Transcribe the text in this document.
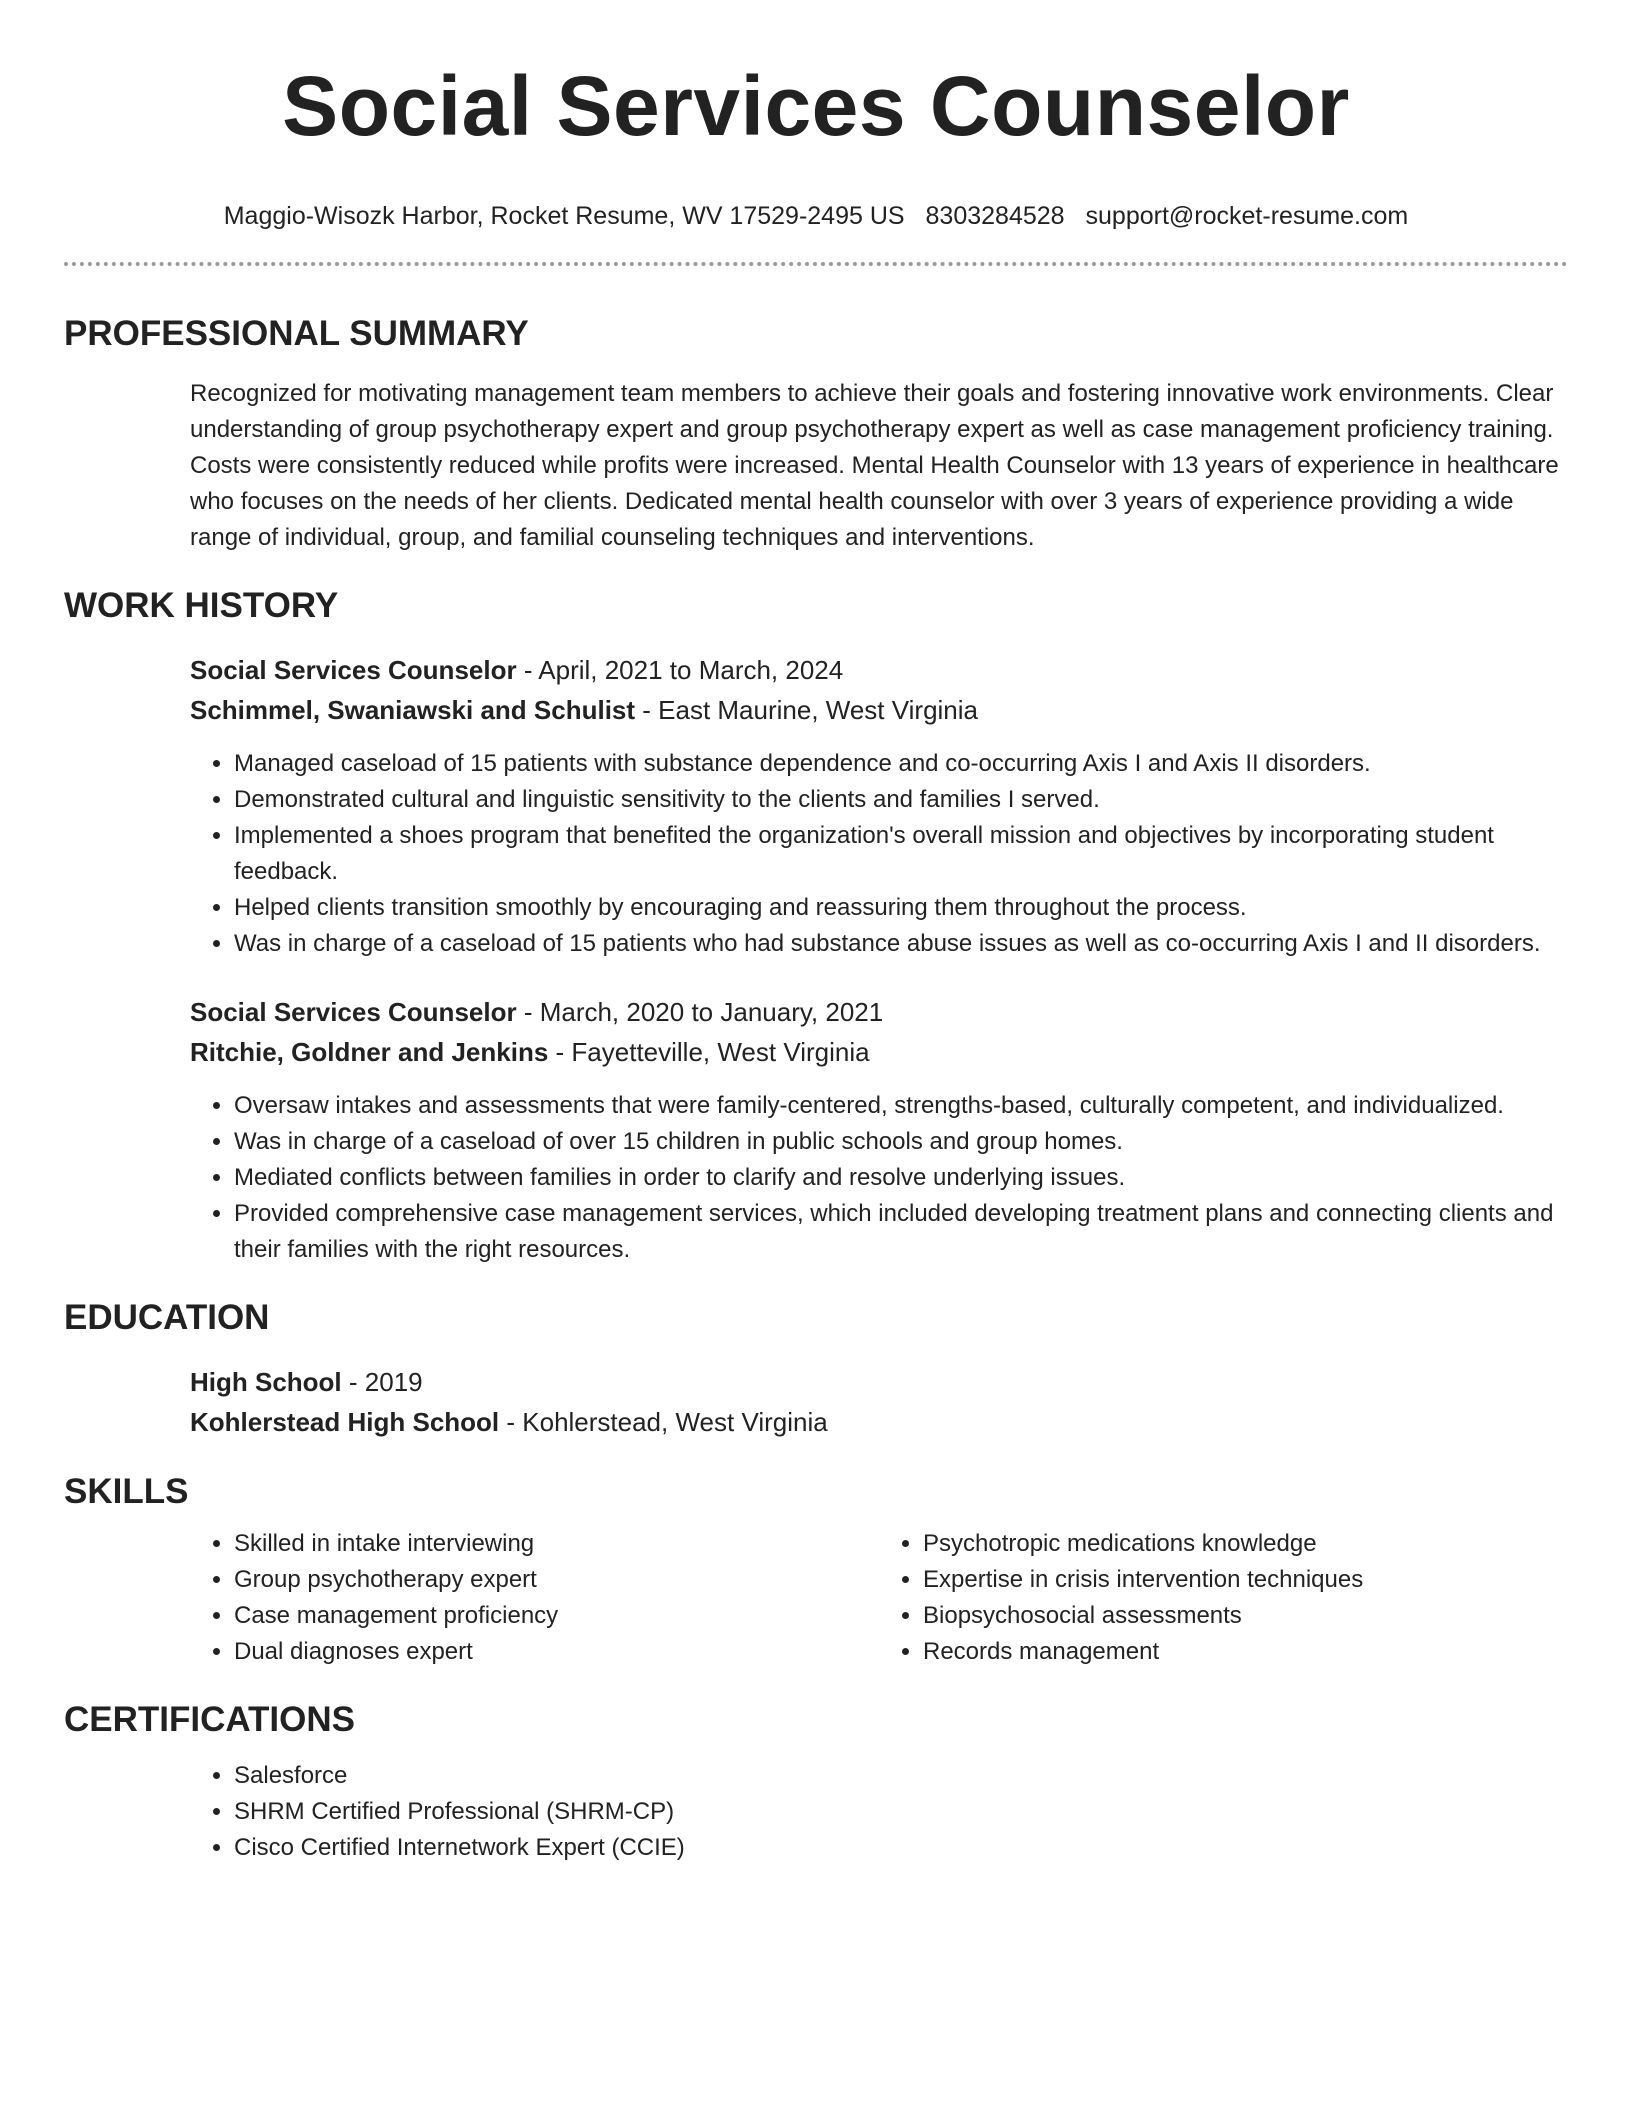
Social Services Counselor
Maggio-Wisozk Harbor, Rocket Resume, WV 17529-2495 US 8303284528 support@rocket-resume.com
PROFESSIONAL SUMMARY

Recognized for motivating management team members to achieve their goals and fostering innovative work environments. Clear understanding of group psychotherapy expert and group psychotherapy expert as well as case management proficiency training. Costs were consistently reduced while profits were increased. Mental Health Counselor with 13 years of experience in healthcare who focuses on the needs of her clients. Dedicated mental health counselor with over 3 years of experience providing a wide range of individual, group, and familial counseling techniques and interventions.

WORK HISTORY
Social Services Counselor - April, 2021 to March, 2024
Schimmel, Swaniawski and Schulist - East Maurine, West Virginia
• Managed caseload of 15 patients with substance dependence and co-occurring Axis I and Axis II disorders.
• Demonstrated cultural and linguistic sensitivity to the clients and families I served.
• Implemented a shoes program that benefited the organization's overall mission and objectives by incorporating student feedback.
• Helped clients transition smoothly by encouraging and reassuring them throughout the process.
• Was in charge of a caseload of 15 patients who had substance abuse issues as well as co-occurring Axis I and II disorders.
Social Services Counselor - March, 2020 to January, 2021
Ritchie, Goldner and Jenkins - Fayetteville, West Virginia
• Oversaw intakes and assessments that were family-centered, strengths-based, culturally competent, and individualized.
• Was in charge of a caseload of over 15 children in public schools and group homes.
• Mediated conflicts between families in order to clarify and resolve underlying issues.
• Provided comprehensive case management services, which included developing treatment plans and connecting clients and their families with the right resources.
EDUCATION
High School - 2019
Kohlerstead High School - Kohlerstead, West Virginia
SKILLS
• Skilled in intake interviewing
• Group psychotherapy expert
• Case management proficiency
• Dual diagnoses expert
• Psychotropic medications knowledge
• Expertise in crisis intervention techniques
• Biopsychosocial assessments
• Records management
CERTIFICATIONS
• Salesforce
• SHRM Certified Professional (SHRM-CP)
• Cisco Certified Internetwork Expert (CCIE)
